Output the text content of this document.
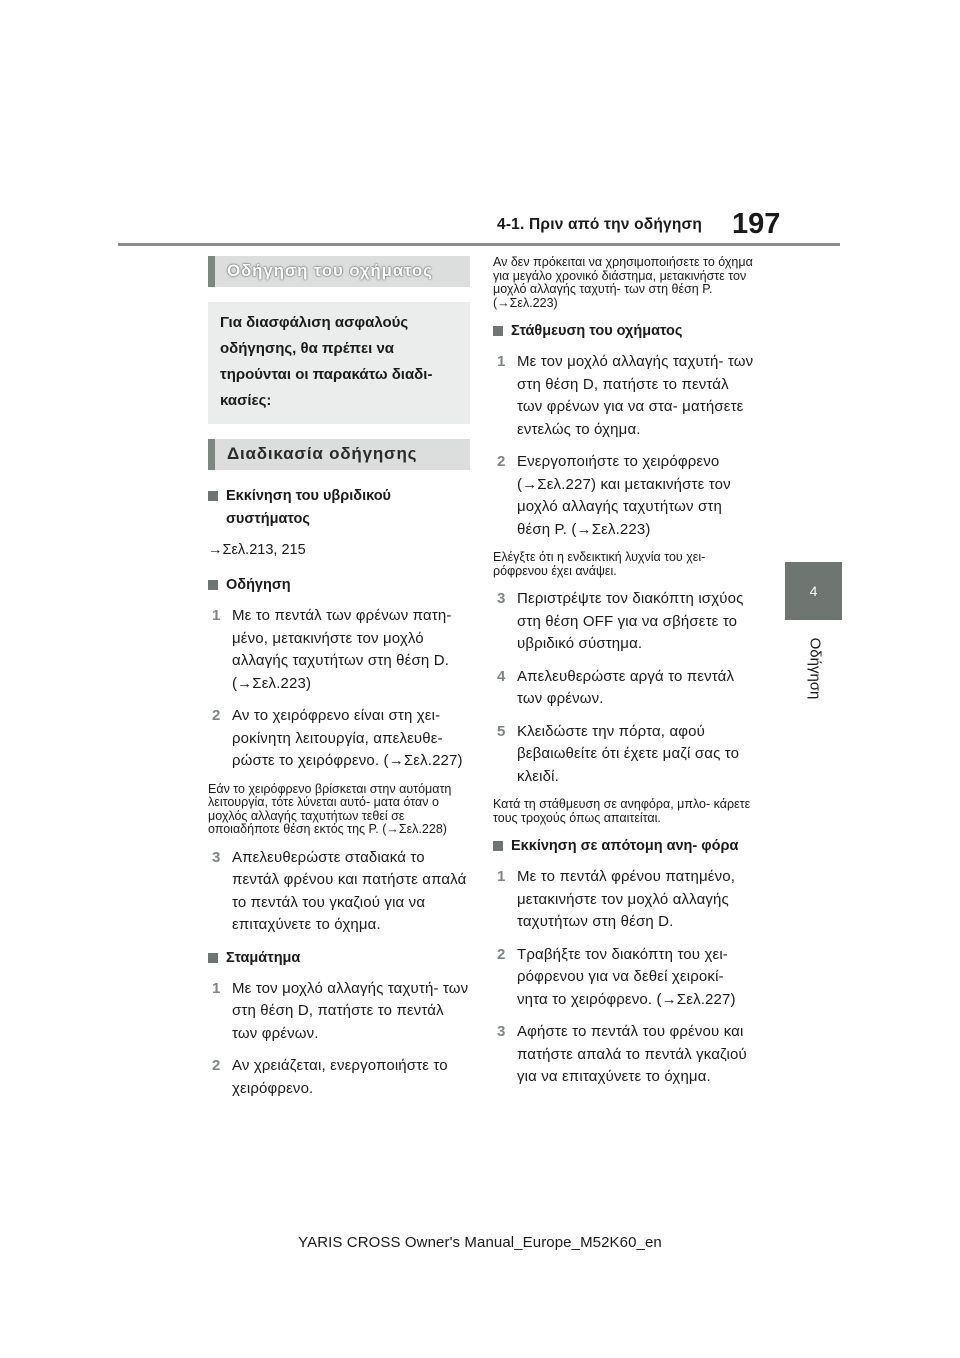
4-1. Πριν από την οδήγηση 197
4
Οδήγηση
Οδήγηση του οχήματος
Για διασφάλιση ασφαλούς οδήγησης, θα πρέπει να τηρούνται οι παρακάτω διαδι- κασίες:
Διαδικασία οδήγησης
Εκκίνηση του υβριδικού συστήματος
→Σελ.213, 215
Οδήγηση
1 Με το πεντάλ των φρένων πατη- μένο, μετακινήστε τον μοχλό αλλαγής ταχυτήτων στη θέση D. (→Σελ.223)
2 Αν το χειρόφρενο είναι στη χει- ροκίνητη λειτουργία, απελευθε- ρώστε το χειρόφρενο. (→Σελ.227)
Εάν το χειρόφρενο βρίσκεται στην αυτόματη λειτουργία, τότε λύνεται αυτό- ματα όταν ο μοχλός αλλαγής ταχυτήτων τεθεί σε οποιαδήποτε θέση εκτός της P. (→Σελ.228)
3 Απελευθερώστε σταδιακά το πεντάλ φρένου και πατήστε απαλά το πεντάλ του γκαζιού για να επιταχύνετε το όχημα.
Σταμάτημα
1 Με τον μοχλό αλλαγής ταχυτή- των στη θέση D, πατήστε το πεντάλ των φρένων.
2 Αν χρειάζεται, ενεργοποιήστε το χειρόφρενο.
Αν δεν πρόκειται να χρησιμοποιήσετε το όχημα για μεγάλο χρονικό διάστημα, μετακινήστε τον μοχλό αλλαγής ταχυτή- των στη θέση P. (→Σελ.223)
Στάθμευση του οχήματος
1 Με τον μοχλό αλλαγής ταχυτή- των στη θέση D, πατήστε το πεντάλ των φρένων για να στα- ματήσετε εντελώς το όχημα.
2 Ενεργοποιήστε το χειρόφρενο (→Σελ.227) και μετακινήστε τον μοχλό αλλαγής ταχυτήτων στη θέση P. (→Σελ.223)
Ελέγξτε ότι η ενδεικτική λυχνία του χει- ρόφρενου έχει ανάψει.
3 Περιστρέψτε τον διακόπτη ισχύος στη θέση OFF για να σβήσετε το υβριδικό σύστημα.
4 Απελευθερώστε αργά το πεντάλ των φρένων.
5 Κλειδώστε την πόρτα, αφού βεβαιωθείτε ότι έχετε μαζί σας το κλειδί.
Κατά τη στάθμευση σε ανηφόρα, μπλο- κάρετε τους τροχούς όπως απαιτείται.
Εκκίνηση σε απότομη ανη- φόρα
1 Με το πεντάλ φρένου πατημένο, μετακινήστε τον μοχλό αλλαγής ταχυτήτων στη θέση D.
2 Τραβήξτε τον διακόπτη του χει- ρόφρενου για να δεθεί χειροκί- νητα το χειρόφρενο. (→Σελ.227)
3 Αφήστε το πεντάλ του φρένου και πατήστε απαλά το πεντάλ γκαζιού για να επιταχύνετε το όχημα.
YARIS CROSS Owner's Manual_Europe_M52K60_en
